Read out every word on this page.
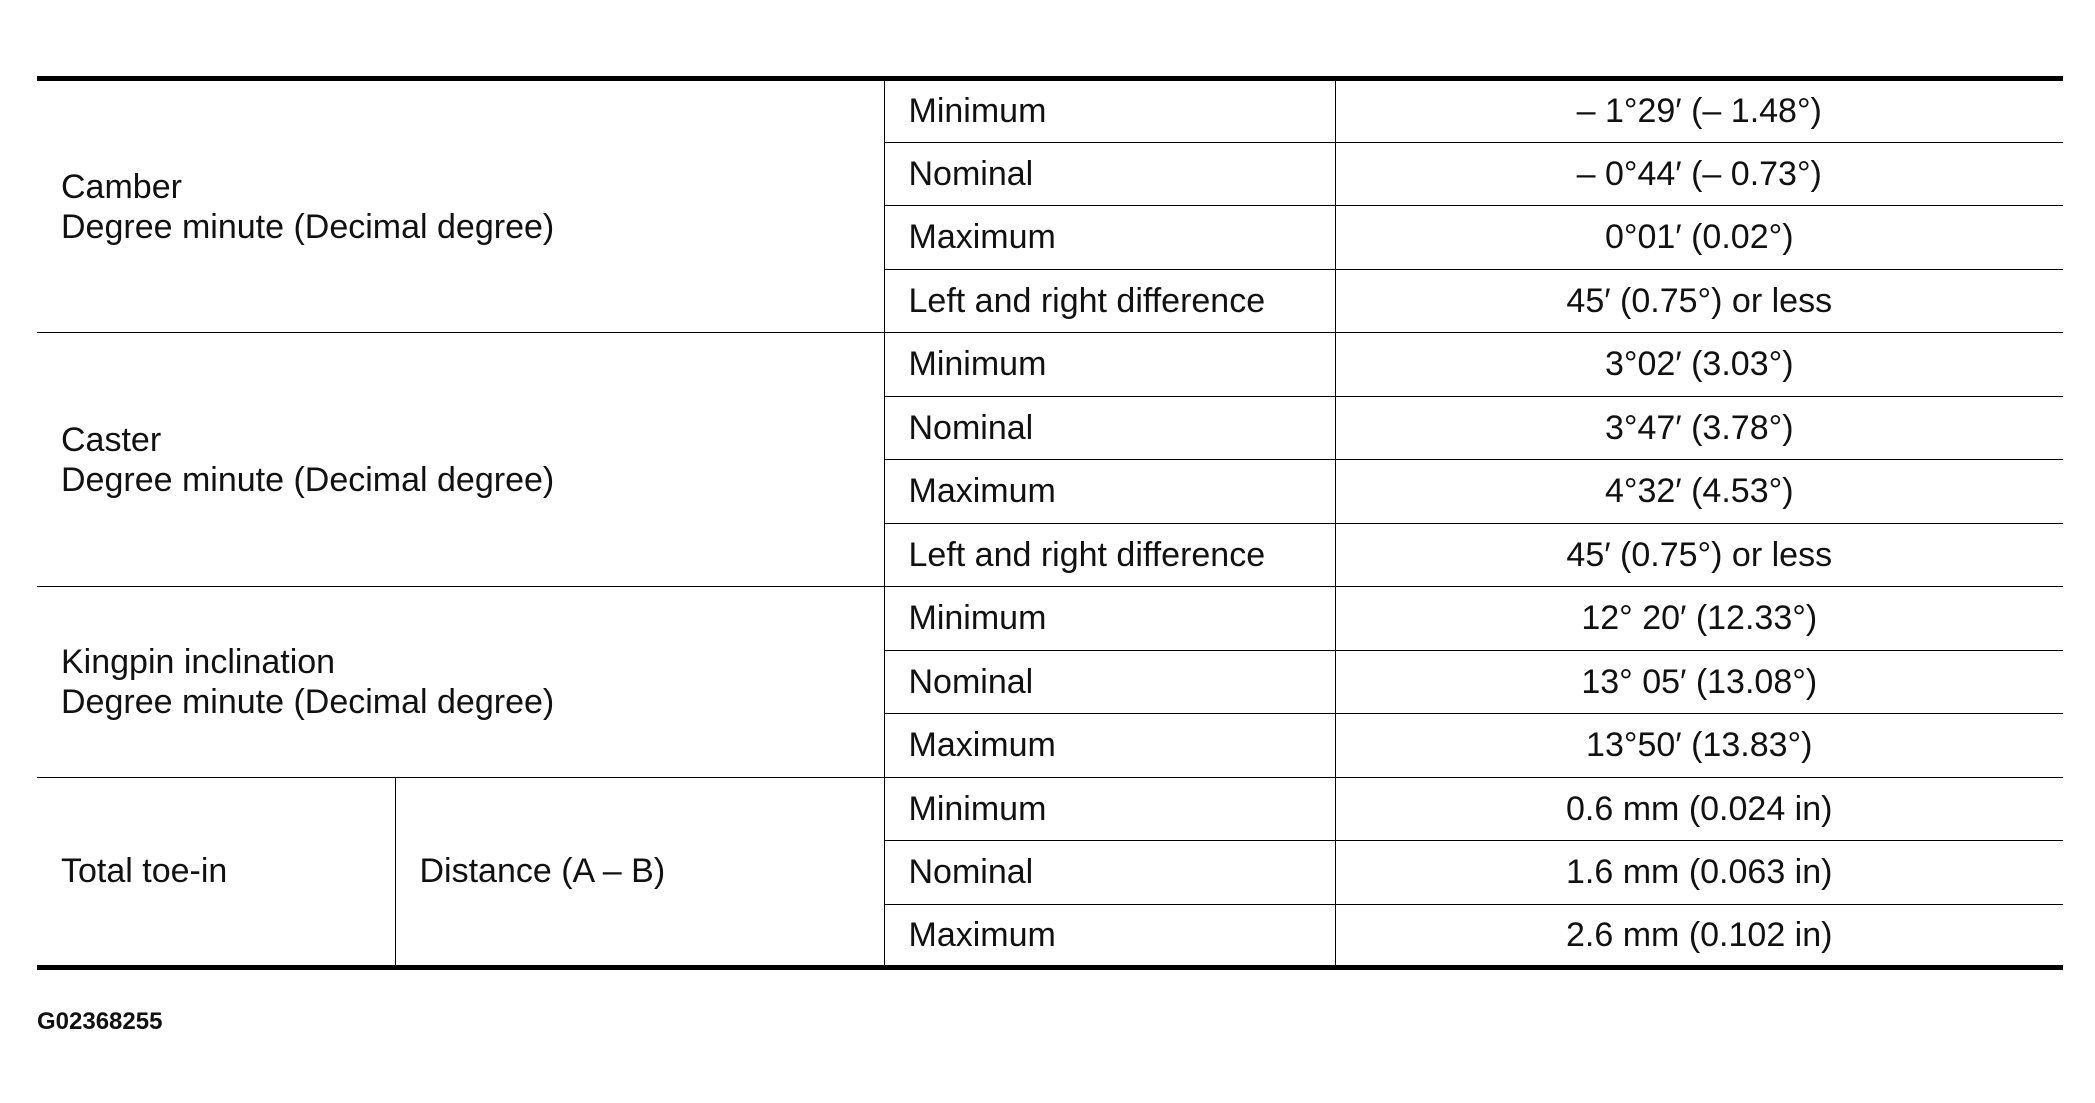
Camber
Degree minute (Decimal degree)		Minimum	– 1°29′ (– 1.48°)
		Nominal	– 0°44′ (– 0.73°)
		Maximum	0°01′ (0.02°)
		Left and right difference	45′ (0.75°) or less

Caster
Degree minute (Decimal degree)		Minimum	3°02′ (3.03°)
		Nominal	3°47′ (3.78°)
		Maximum	4°32′ (4.53°)
		Left and right difference	45′ (0.75°) or less

Kingpin inclination
Degree minute (Decimal degree)		Minimum	12° 20′ (12.33°)
		Nominal	13° 05′ (13.08°)
		Maximum	13°50′ (13.83°)

Total toe-in	Distance (A – B)	Minimum	0.6 mm (0.024 in)
		Nominal	1.6 mm (0.063 in)
		Maximum	2.6 mm (0.102 in)
G02368255
